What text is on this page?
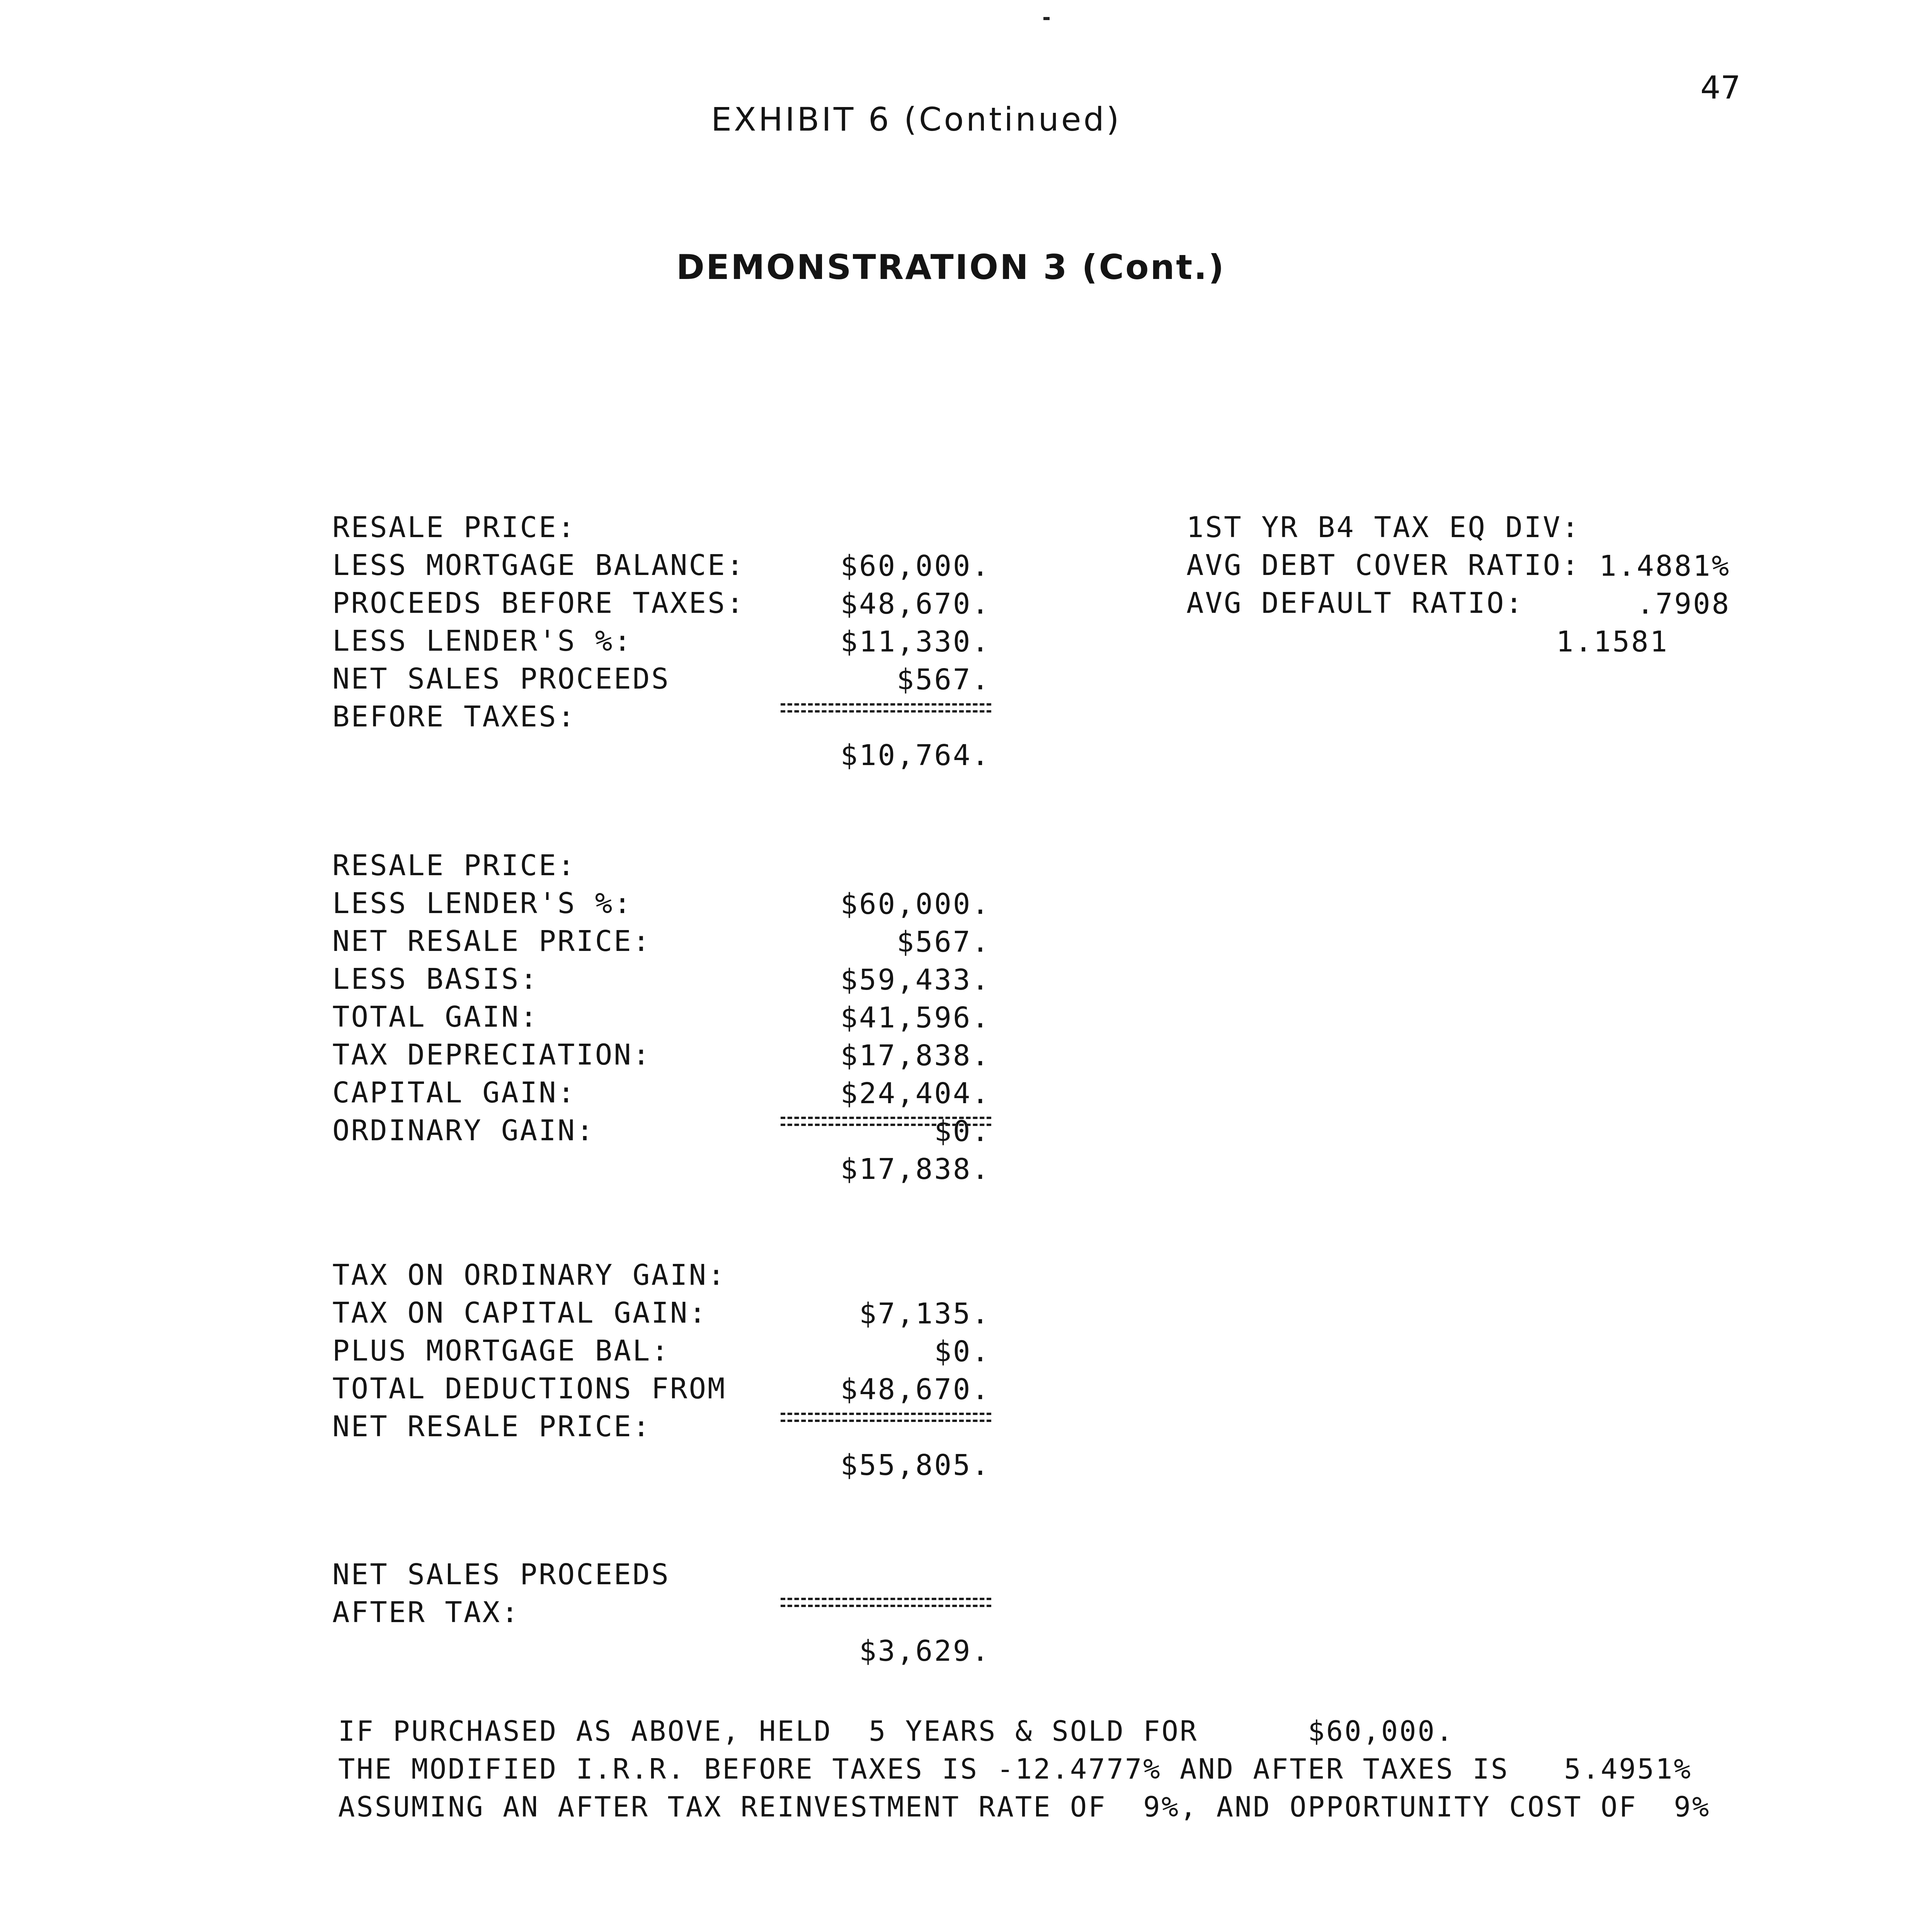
47
EXHIBIT 6 (Continued)
DEMONSTRATION 3 (Cont.)

RESALE PRICE:

$60,000.

LESS MORTGAGE BALANCE:

$48,670.

PROCEEDS BEFORE TAXES:

$11,330.

LESS LENDER'S %:

$567.

NET SALES PROCEEDS

BEFORE TAXES:

$10,764.

RESALE PRICE:

$60,000.

LESS LENDER'S %:

$567.

NET RESALE PRICE:

$59,433.

LESS BASIS:

$41,596.

TOTAL GAIN:

$17,838.

TAX DEPRECIATION:

$24,404.

CAPITAL GAIN:

$0.

ORDINARY GAIN:

$17,838.

TAX ON ORDINARY GAIN:

$7,135.

TAX ON CAPITAL GAIN:

$0.

PLUS MORTGAGE BAL:

$48,670.

TOTAL DEDUCTIONS FROM

NET RESALE PRICE:

$55,805.

NET SALES PROCEEDS

AFTER TAX:

$3,629.

1ST YR B4 TAX EQ DIV:

1.4881%

AVG DEBT COVER RATIO:

.7908

AVG DEFAULT RATIO:

1.1581

IF PURCHASED AS ABOVE, HELD  5 YEARS & SOLD FOR      $60,000.
THE MODIFIED I.R.R. BEFORE TAXES IS -12.4777% AND AFTER TAXES IS   5.4951%
ASSUMING AN AFTER TAX REINVESTMENT RATE OF  9%, AND OPPORTUNITY COST OF  9%
